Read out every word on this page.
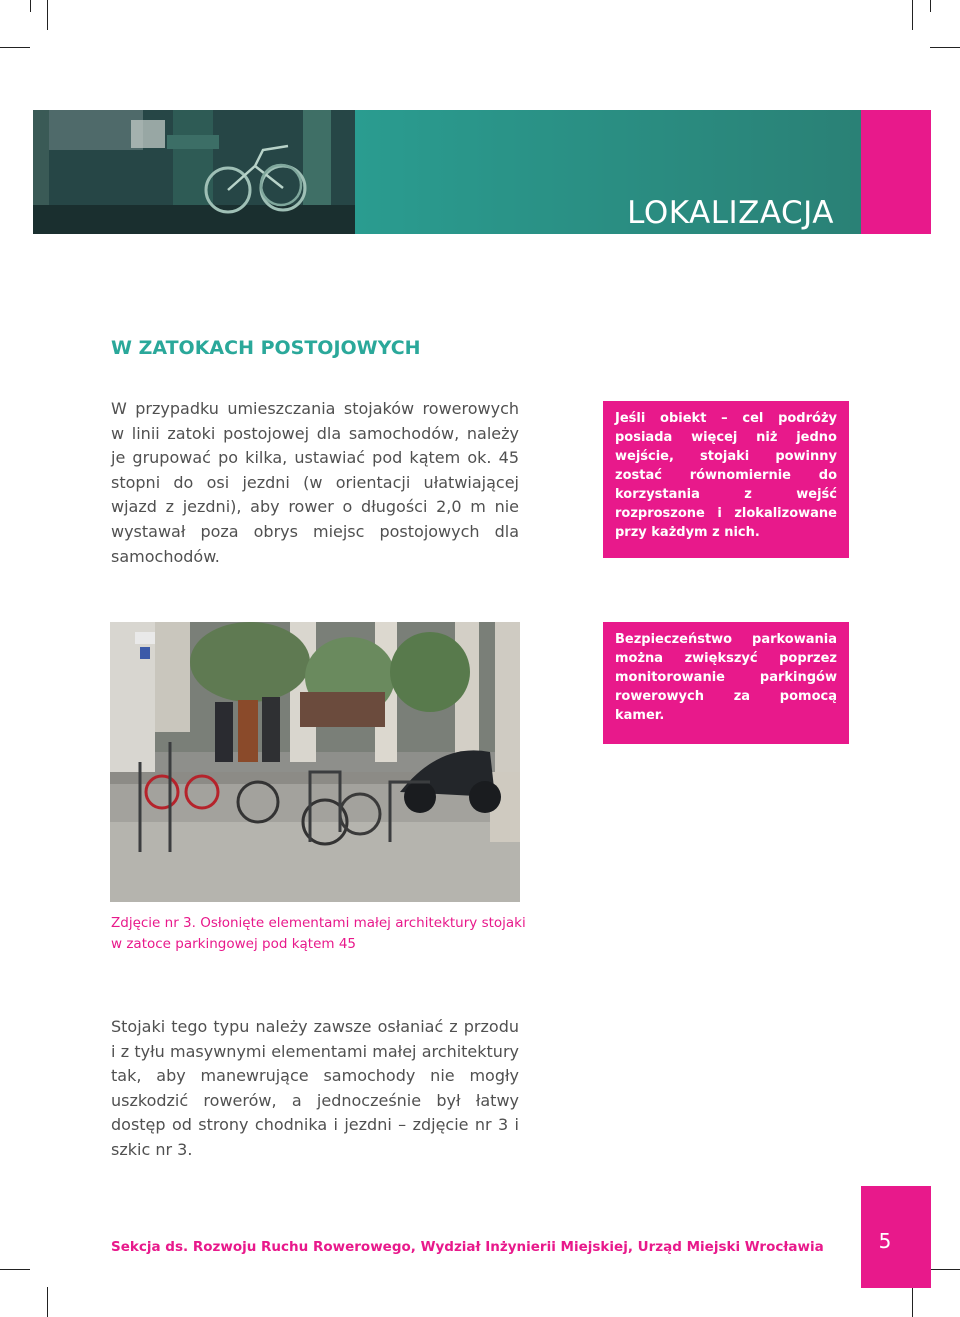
LOKALIZACJA
W ZATOKACH POSTOJOWYCH
W przypadku umieszczania stojaków rowerowych w linii zatoki postojowej dla samochodów, należy je grupować po kilka, ustawiać pod kątem ok. 45 stopni do osi jezdni (w orientacji ułatwiającej wjazd z jezdni), aby rower o długości 2,0 m nie wystawał poza obrys miejsc postojowych dla samochodów.
Jeśli obiekt – cel podróży posiada więcej niż jedno wejście, stojaki powinny zostać równomiernie do korzystania z wejść rozproszone i zlokalizowane przy każdym z nich.
Bezpieczeństwo parkowania można zwiększyć poprzez monitorowanie parkingów rowerowych za pomocą kamer.
Zdjęcie nr 3. Osłonięte elementami małej architektury stojaki
w zatoce parkingowej pod kątem 45
Stojaki tego typu należy zawsze osłaniać z przodu i z tyłu masywnymi elementami małej architektury tak, aby manewrujące samochody nie mogły uszkodzić rowerów, a jednocześnie był łatwy dostęp od strony chodnika i jezdni – zdjęcie nr 3 i szkic nr 3.
Sekcja ds. Rozwoju Ruchu Rowerowego, Wydział Inżynierii Miejskiej, Urząd Miejski Wrocławia	5
